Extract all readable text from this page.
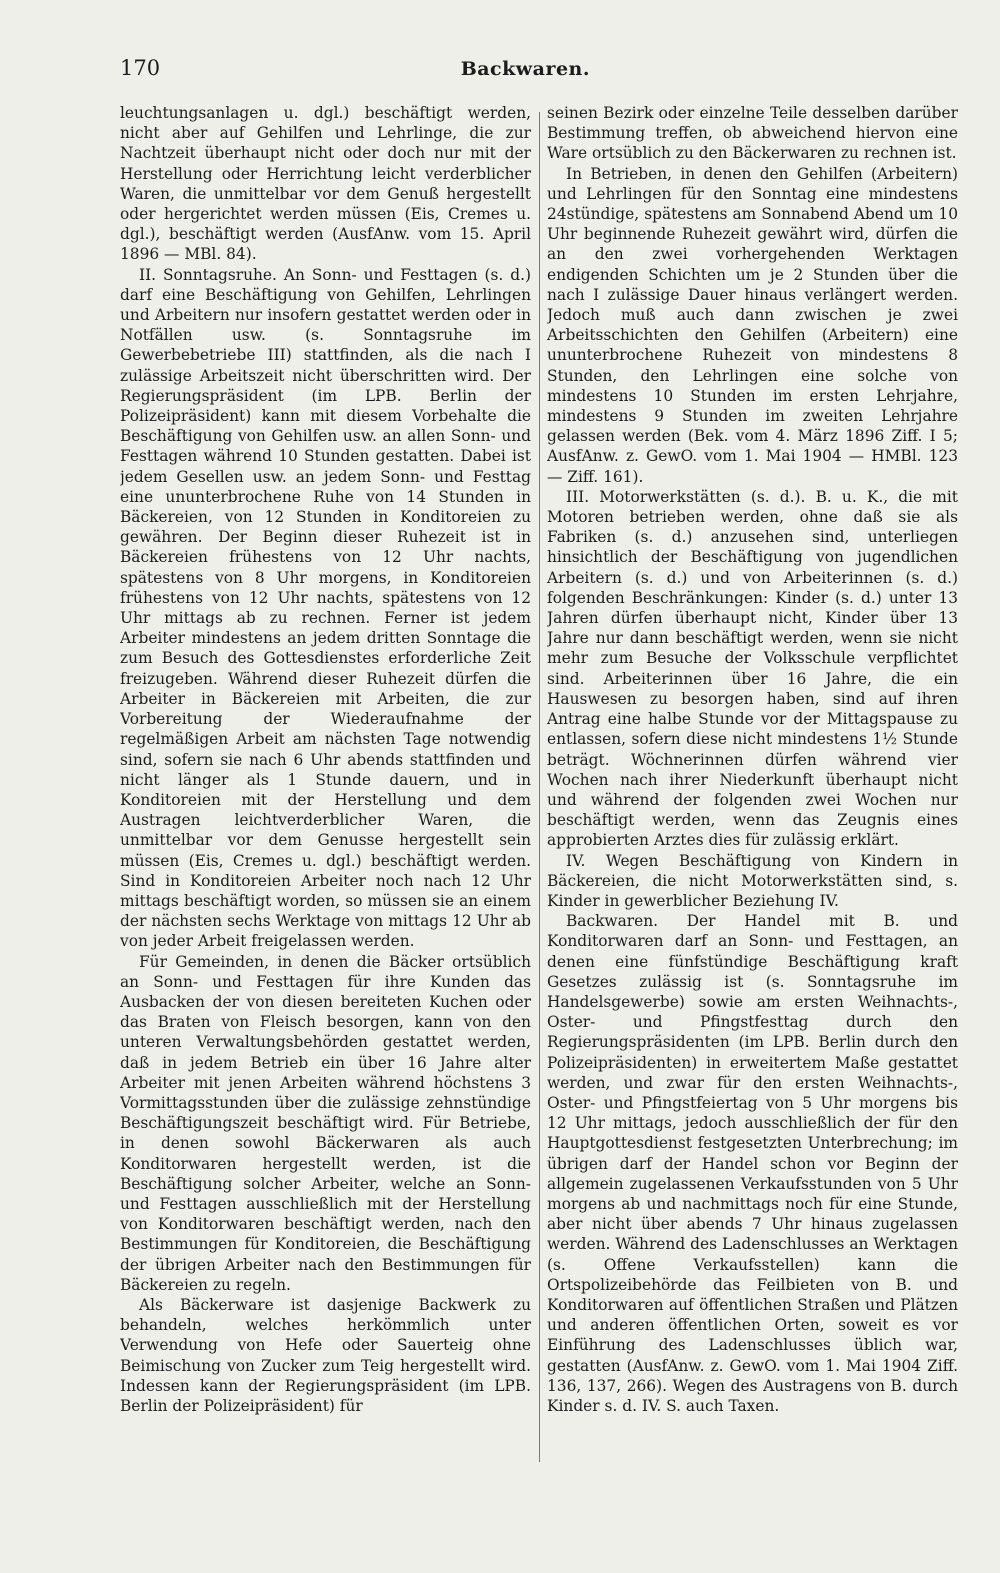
170	Backwaren.

leuchtungsanlagen u. dgl.) beschäftigt werden, nicht aber auf Gehilfen und Lehrlinge, die zur Nachtzeit überhaupt nicht oder doch nur mit der Herstellung oder Herrichtung leicht verderblicher Waren, die unmittelbar vor dem Genuß hergestellt oder hergerichtet werden müssen (Eis, Cremes u. dgl.), beschäftigt werden (AusfAnw. vom 15. April 1896 — MBl. 84).

II. Sonntagsruhe. An Sonn- und Festtagen (s. d.) darf eine Beschäftigung von Gehilfen, Lehrlingen und Arbeitern nur insofern gestattet werden oder in Notfällen usw. (s. Sonntagsruhe im Gewerbebetriebe III) stattfinden, als die nach I zulässige Arbeitszeit nicht überschritten wird. Der Regierungspräsident (im LPB. Berlin der Polizeipräsident) kann mit diesem Vorbehalte die Beschäftigung von Gehilfen usw. an allen Sonn- und Festtagen während 10 Stunden gestatten. Dabei ist jedem Gesellen usw. an jedem Sonn- und Festtag eine ununterbrochene Ruhe von 14 Stunden in Bäckereien, von 12 Stunden in Konditoreien zu gewähren. Der Beginn dieser Ruhezeit ist in Bäckereien frühestens von 12 Uhr nachts, spätestens von 8 Uhr morgens, in Konditoreien frühestens von 12 Uhr nachts, spätestens von 12 Uhr mittags ab zu rechnen. Ferner ist jedem Arbeiter mindestens an jedem dritten Sonntage die zum Besuch des Gottesdienstes erforderliche Zeit freizugeben. Während dieser Ruhezeit dürfen die Arbeiter in Bäckereien mit Arbeiten, die zur Vorbereitung der Wiederaufnahme der regelmäßigen Arbeit am nächsten Tage notwendig sind, sofern sie nach 6 Uhr abends stattfinden und nicht länger als 1 Stunde dauern, und in Konditoreien mit der Herstellung und dem Austragen leichtverderblicher Waren, die unmittelbar vor dem Genusse hergestellt sein müssen (Eis, Cremes u. dgl.) beschäftigt werden. Sind in Konditoreien Arbeiter noch nach 12 Uhr mittags beschäftigt worden, so müssen sie an einem der nächsten sechs Werktage von mittags 12 Uhr ab von jeder Arbeit freigelassen werden.

Für Gemeinden, in denen die Bäcker ortsüblich an Sonn- und Festtagen für ihre Kunden das Ausbacken der von diesen bereiteten Kuchen oder das Braten von Fleisch besorgen, kann von den unteren Verwaltungsbehörden gestattet werden, daß in jedem Betrieb ein über 16 Jahre alter Arbeiter mit jenen Arbeiten während höchstens 3 Vormittagsstunden über die zulässige zehnstündige Beschäftigungszeit beschäftigt wird. Für Betriebe, in denen sowohl Bäckerwaren als auch Konditorwaren hergestellt werden, ist die Beschäftigung solcher Arbeiter, welche an Sonn- und Festtagen ausschließlich mit der Herstellung von Konditorwaren beschäftigt werden, nach den Bestimmungen für Konditoreien, die Beschäftigung der übrigen Arbeiter nach den Bestimmungen für Bäckereien zu regeln.

Als Bäckerware ist dasjenige Backwerk zu behandeln, welches herkömmlich unter Verwendung von Hefe oder Sauerteig ohne Beimischung von Zucker zum Teig hergestellt wird. Indessen kann der Regierungspräsident (im LPB. Berlin der Polizeipräsident) für

seinen Bezirk oder einzelne Teile desselben darüber Bestimmung treffen, ob abweichend hiervon eine Ware ortsüblich zu den Bäckerwaren zu rechnen ist.

In Betrieben, in denen den Gehilfen (Arbeitern) und Lehrlingen für den Sonntag eine mindestens 24stündige, spätestens am Sonnabend Abend um 10 Uhr beginnende Ruhezeit gewährt wird, dürfen die an den zwei vorhergehenden Werktagen endigenden Schichten um je 2 Stunden über die nach I zulässige Dauer hinaus verlängert werden. Jedoch muß auch dann zwischen je zwei Arbeitsschichten den Gehilfen (Arbeitern) eine ununterbrochene Ruhezeit von mindestens 8 Stunden, den Lehrlingen eine solche von mindestens 10 Stunden im ersten Lehrjahre, mindestens 9 Stunden im zweiten Lehrjahre gelassen werden (Bek. vom 4. März 1896 Ziff. I 5; AusfAnw. z. GewO. vom 1. Mai 1904 — HMBl. 123 — Ziff. 161).

III. Motorwerkstätten (s. d.). B. u. K., die mit Motoren betrieben werden, ohne daß sie als Fabriken (s. d.) anzusehen sind, unterliegen hinsichtlich der Beschäftigung von jugendlichen Arbeitern (s. d.) und von Arbeiterinnen (s. d.) folgenden Beschränkungen: Kinder (s. d.) unter 13 Jahren dürfen überhaupt nicht, Kinder über 13 Jahre nur dann beschäftigt werden, wenn sie nicht mehr zum Besuche der Volksschule verpflichtet sind. Arbeiterinnen über 16 Jahre, die ein Hauswesen zu besorgen haben, sind auf ihren Antrag eine halbe Stunde vor der Mittagspause zu entlassen, sofern diese nicht mindestens 1½ Stunde beträgt. Wöchnerinnen dürfen während vier Wochen nach ihrer Niederkunft überhaupt nicht und während der folgenden zwei Wochen nur beschäftigt werden, wenn das Zeugnis eines approbierten Arztes dies für zulässig erklärt.

IV. Wegen Beschäftigung von Kindern in Bäckereien, die nicht Motorwerkstätten sind, s. Kinder in gewerblicher Beziehung IV.

Backwaren. Der Handel mit B. und Konditorwaren darf an Sonn- und Festtagen, an denen eine fünfstündige Beschäftigung kraft Gesetzes zulässig ist (s. Sonntagsruhe im Handelsgewerbe) sowie am ersten Weihnachts-, Oster- und Pfingstfesttag durch den Regierungspräsidenten (im LPB. Berlin durch den Polizeipräsidenten) in erweitertem Maße gestattet werden, und zwar für den ersten Weihnachts-, Oster- und Pfingstfeiertag von 5 Uhr morgens bis 12 Uhr mittags, jedoch ausschließlich der für den Hauptgottesdienst festgesetzten Unterbrechung; im übrigen darf der Handel schon vor Beginn der allgemein zugelassenen Verkaufsstunden von 5 Uhr morgens ab und nachmittags noch für eine Stunde, aber nicht über abends 7 Uhr hinaus zugelassen werden. Während des Ladenschlusses an Werktagen (s. Offene Verkaufsstellen) kann die Ortspolizeibehörde das Feilbieten von B. und Konditorwaren auf öffentlichen Straßen und Plätzen und anderen öffentlichen Orten, soweit es vor Einführung des Ladenschlusses üblich war, gestatten (AusfAnw. z. GewO. vom 1. Mai 1904 Ziff. 136, 137, 266). Wegen des Austragens von B. durch Kinder s. d. IV. S. auch Taxen.
